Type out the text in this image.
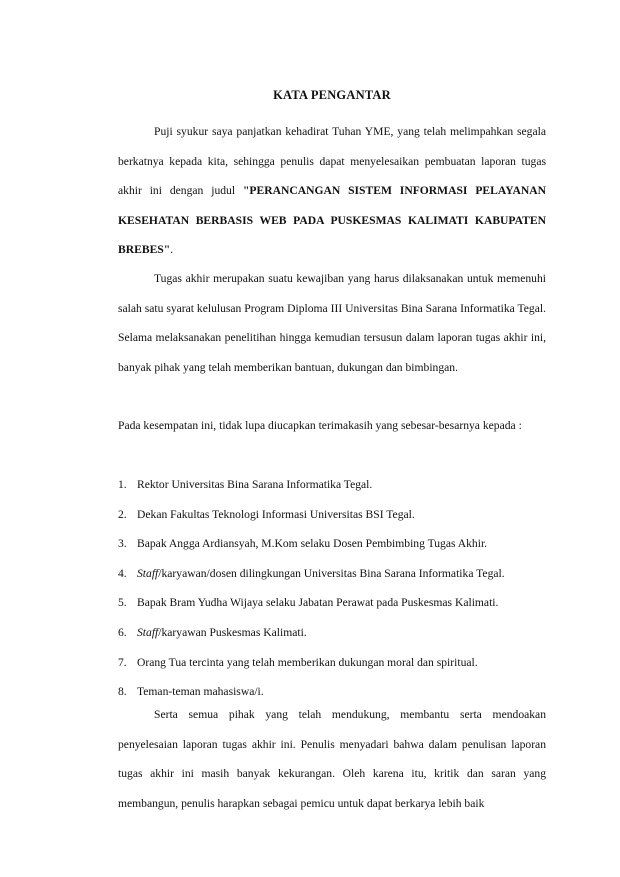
KATA PENGANTAR

Puji syukur saya panjatkan kehadirat Tuhan YME, yang telah melimpahkan segala berkatnya kepada kita, sehingga penulis dapat menyelesaikan pembuatan laporan tugas akhir ini dengan judul "PERANCANGAN SISTEM INFORMASI PELAYANAN KESEHATAN BERBASIS WEB PADA PUSKESMAS KALIMATI KABUPATEN BREBES".

Tugas akhir merupakan suatu kewajiban yang harus dilaksanakan untuk memenuhi salah satu syarat kelulusan Program Diploma III Universitas Bina Sarana Informatika Tegal. Selama melaksanakan penelitihan hingga kemudian tersusun dalam laporan tugas akhir ini, banyak pihak yang telah memberikan bantuan, dukungan dan bimbingan.

Pada kesempatan ini, tidak lupa diucapkan terimakasih yang sebesar-besarnya kepada :

1. Rektor Universitas Bina Sarana Informatika Tegal.
2. Dekan Fakultas Teknologi Informasi Universitas BSI Tegal.
3. Bapak Angga Ardiansyah, M.Kom selaku Dosen Pembimbing Tugas Akhir.
4. Staff/karyawan/dosen dilingkungan Universitas Bina Sarana Informatika Tegal.
5. Bapak Bram Yudha Wijaya selaku Jabatan Perawat pada Puskesmas Kalimati.
6. Staff/karyawan Puskesmas Kalimati.
7. Orang Tua tercinta yang telah memberikan dukungan moral dan spiritual.
8. Teman-teman mahasiswa/i.

Serta semua pihak yang telah mendukung, membantu serta mendoakan penyelesaian laporan tugas akhir ini. Penulis menyadari bahwa dalam penulisan laporan tugas akhir ini masih banyak kekurangan. Oleh karena itu, kritik dan saran yang membangun, penulis harapkan sebagai pemicu untuk dapat berkarya lebih baik
